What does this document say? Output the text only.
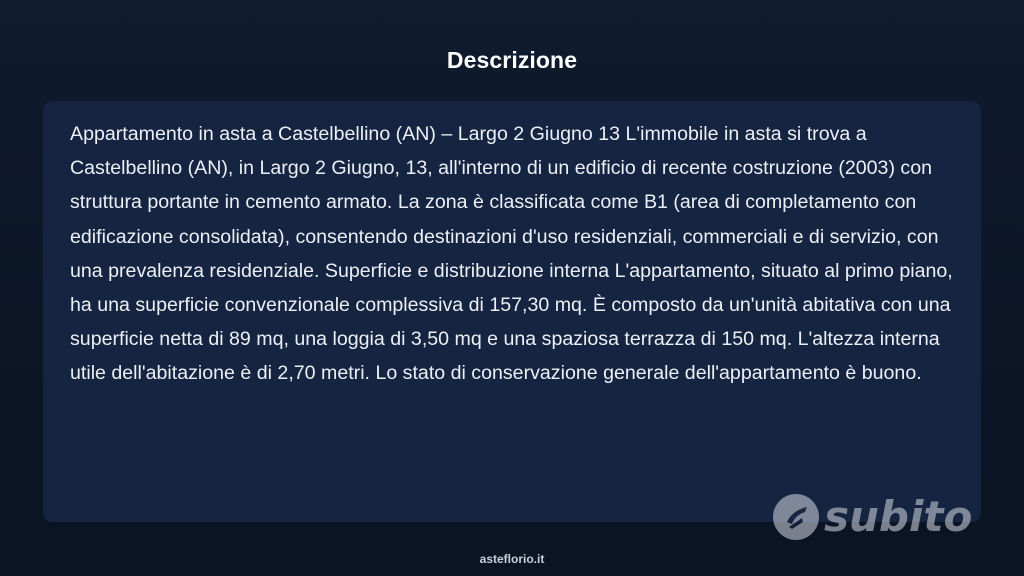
Descrizione

Appartamento in asta a Castelbellino (AN) – Largo 2 Giugno 13 L'immobile in asta si trova a Castelbellino (AN), in Largo 2 Giugno, 13, all'interno di un edificio di recente costruzione (2003) con struttura portante in cemento armato. La zona è classificata come B1 (area di completamento con edificazione consolidata), consentendo destinazioni d'uso residenziali, commerciali e di servizio, con una prevalenza residenziale. Superficie e distribuzione interna L'appartamento, situato al primo piano, ha una superficie convenzionale complessiva di 157,30 mq. È composto da un'unità abitativa con una superficie netta di 89 mq, una loggia di 3,50 mq e una spaziosa terrazza di 150 mq. L'altezza interna utile dell'abitazione è di 2,70 metri. Lo stato di conservazione generale dell'appartamento è buono.

subito
asteflorio.it
